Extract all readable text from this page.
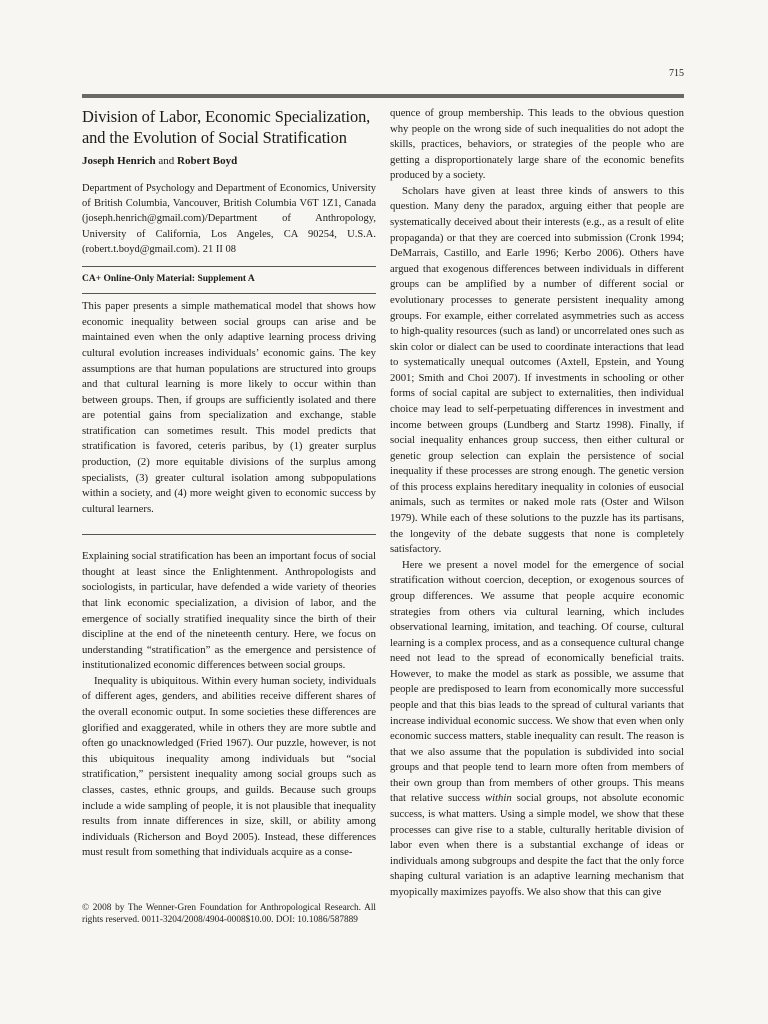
715
Division of Labor, Economic Specialization, and the Evolution of Social Stratification
Joseph Henrich and Robert Boyd
Department of Psychology and Department of Economics, University of British Columbia, Vancouver, British Columbia V6T 1Z1, Canada (joseph.henrich@gmail.com)/Department of Anthropology, University of California, Los Angeles, CA 90254, U.S.A. (robert.t.boyd@gmail.com). 21 II 08
CA+ Online-Only Material: Supplement A
This paper presents a simple mathematical model that shows how economic inequality between social groups can arise and be maintained even when the only adaptive learning process driving cultural evolution increases individuals’ economic gains. The key assumptions are that human populations are structured into groups and that cultural learning is more likely to occur within than between groups. Then, if groups are sufficiently isolated and there are potential gains from specialization and exchange, stable stratification can sometimes result. This model predicts that stratification is favored, ceteris paribus, by (1) greater surplus production, (2) more equitable divisions of the surplus among specialists, (3) greater cultural isolation among subpopulations within a society, and (4) more weight given to economic success by cultural learners.

Explaining social stratification has been an important focus of social thought at least since the Enlightenment. Anthropologists and sociologists, in particular, have defended a wide variety of theories that link economic specialization, a division of labor, and the emergence of socially stratified inequality since the birth of their discipline at the end of the nineteenth century. Here, we focus on understanding “stratification” as the emergence and persistence of institutionalized economic differences between social groups.

Inequality is ubiquitous. Within every human society, individuals of different ages, genders, and abilities receive different shares of the overall economic output. In some societies these differences are glorified and exaggerated, while in others they are more subtle and often go unacknowledged (Fried 1967). Our puzzle, however, is not this ubiquitous inequality among individuals but “social stratification,” persistent inequality among social groups such as classes, castes, ethnic groups, and guilds. Because such groups include a wide sampling of people, it is not plausible that inequality results from innate differences in size, skill, or ability among individuals (Richerson and Boyd 2005). Instead, these differences must result from something that individuals acquire as a conse-

quence of group membership. This leads to the obvious question why people on the wrong side of such inequalities do not adopt the skills, practices, behaviors, or strategies of the people who are getting a disproportionately large share of the economic benefits produced by a society.

Scholars have given at least three kinds of answers to this question. Many deny the paradox, arguing either that people are systematically deceived about their interests (e.g., as a result of elite propaganda) or that they are coerced into submission (Cronk 1994; DeMarrais, Castillo, and Earle 1996; Kerbo 2006). Others have argued that exogenous differences between individuals in different groups can be amplified by a number of different social or evolutionary processes to generate persistent inequality among groups. For example, either correlated asymmetries such as access to high-quality resources (such as land) or uncorrelated ones such as skin color or dialect can be used to coordinate interactions that lead to systematically unequal outcomes (Axtell, Epstein, and Young 2001; Smith and Choi 2007). If investments in schooling or other forms of social capital are subject to externalities, then individual choice may lead to self-perpetuating differences in investment and income between groups (Lundberg and Startz 1998). Finally, if social inequality enhances group success, then either cultural or genetic group selection can explain the persistence of social inequality if these processes are strong enough. The genetic version of this process explains hereditary inequality in colonies of eusocial animals, such as termites or naked mole rats (Oster and Wilson 1979). While each of these solutions to the puzzle has its partisans, the longevity of the debate suggests that none is completely satisfactory.

Here we present a novel model for the emergence of social stratification without coercion, deception, or exogenous sources of group differences. We assume that people acquire economic strategies from others via cultural learning, which includes observational learning, imitation, and teaching. Of course, cultural learning is a complex process, and as a consequence cultural change need not lead to the spread of economically beneficial traits. However, to make the model as stark as possible, we assume that people are predisposed to learn from economically more successful people and that this bias leads to the spread of cultural variants that increase individual economic success. We show that even when only economic success matters, stable inequality can result. The reason is that we also assume that the population is subdivided into social groups and that people tend to learn more often from members of their own group than from members of other groups. This means that relative success within social groups, not absolute economic success, is what matters. Using a simple model, we show that these processes can give rise to a stable, culturally heritable division of labor even when there is a substantial exchange of ideas or individuals among subgroups and despite the fact that the only force shaping cultural variation is an adaptive learning mechanism that myopically maximizes payoffs. We also show that this can give

© 2008 by The Wenner-Gren Foundation for Anthropological Research. All rights reserved. 0011-3204/2008/4904-0008$10.00. DOI: 10.1086/587889
